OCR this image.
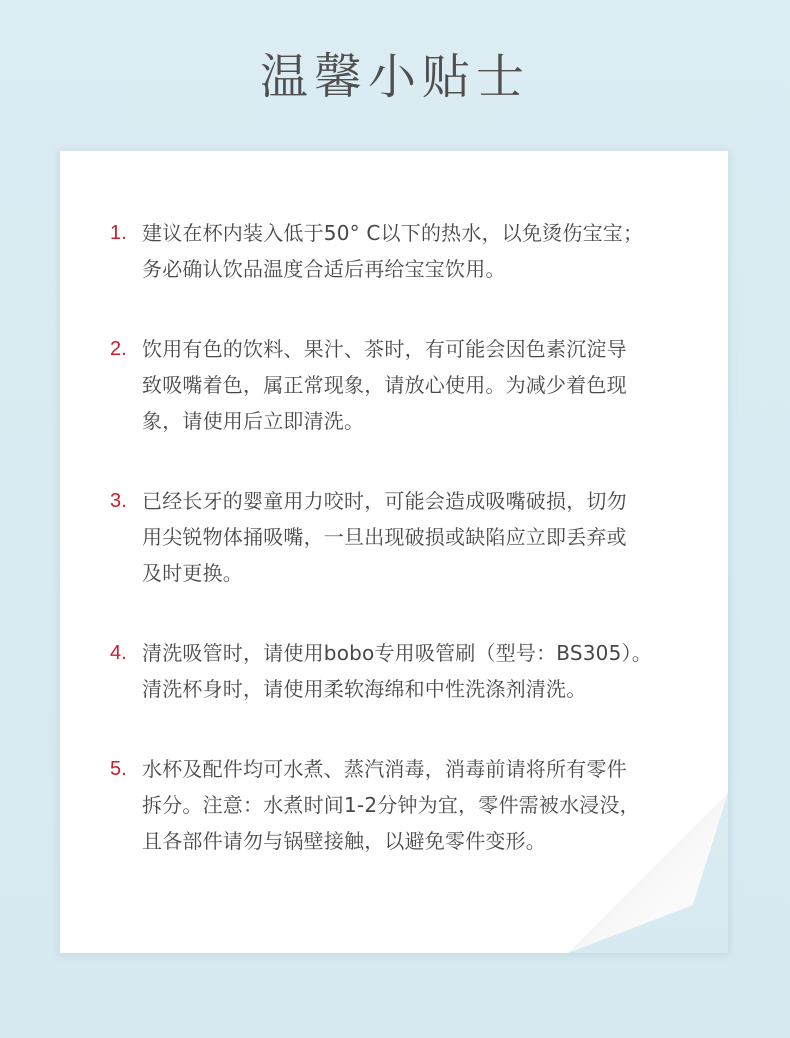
温馨小贴士
1. 建议在杯内装入低于50° C以下的热水，以免烫伤宝宝；
务必确认饮品温度合适后再给宝宝饮用。
2. 饮用有色的饮料、果汁、茶时，有可能会因色素沉淀导
致吸嘴着色，属正常现象，请放心使用。为减少着色现
象，请使用后立即清洗。
3. 已经长牙的婴童用力咬时，可能会造成吸嘴破损，切勿
用尖锐物体捅吸嘴，一旦出现破损或缺陷应立即丢弃或
及时更换。
4. 清洗吸管时，请使用bobo专用吸管刷（型号：BS305）。
清洗杯身时，请使用柔软海绵和中性洗涤剂清洗。
5. 水杯及配件均可水煮、蒸汽消毒，消毒前请将所有零件
拆分。注意：水煮时间1-2分钟为宜，零件需被水浸没，
且各部件请勿与锅壁接触，以避免零件变形。
